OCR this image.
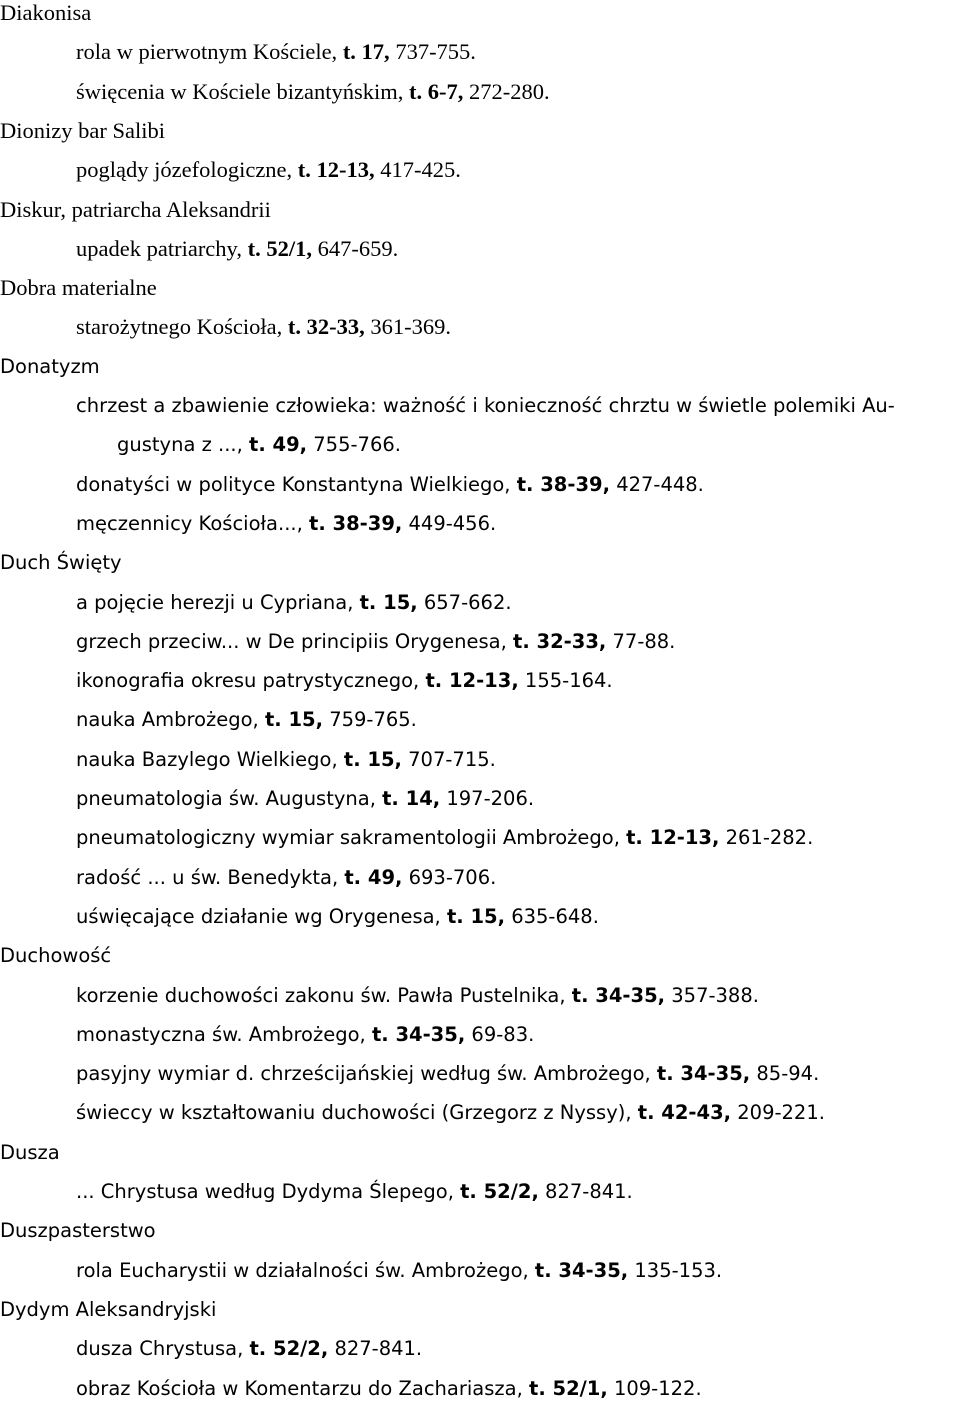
Diakonisa
rola w pierwotnym Kościele, t. 17, 737-755.
święcenia w Kościele bizantyńskim, t. 6-7, 272-280.
Dionizy bar Salibi
poglądy józefologiczne, t. 12-13, 417-425.
Diskur, patriarcha Aleksandrii
upadek patriarchy, t. 52/1, 647-659.
Dobra materialne
starożytnego Kościoła, t. 32-33, 361-369.
Donatyzm
chrzest a zbawienie człowieka: ważność i konieczność chrztu w świetle polemiki Au-
gustyna z ..., t. 49, 755-766.
donatyści w polityce Konstantyna Wielkiego, t. 38-39, 427-448.
męczennicy Kościoła..., t. 38-39, 449-456.
Duch Święty
a pojęcie herezji u Cypriana, t. 15, 657-662.
grzech przeciw... w De principiis Orygenesa, t. 32-33, 77-88.
ikonografia okresu patrystycznego, t. 12-13, 155-164.
nauka Ambrożego, t. 15, 759-765.
nauka Bazylego Wielkiego, t. 15, 707-715.
pneumatologia św. Augustyna, t. 14, 197-206.
pneumatologiczny wymiar sakramentologii Ambrożego, t. 12-13, 261-282.
radość ... u św. Benedykta, t. 49, 693-706.
uświęcające działanie wg Orygenesa, t. 15, 635-648.
Duchowość
korzenie duchowości zakonu św. Pawła Pustelnika, t. 34-35, 357-388.
monastyczna św. Ambrożego, t. 34-35, 69-83.
pasyjny wymiar d. chrześcijańskiej według św. Ambrożego, t. 34-35, 85-94.
świeccy w kształtowaniu duchowości (Grzegorz z Nyssy), t. 42-43, 209-221.
Dusza
... Chrystusa według Dydyma Ślepego, t. 52/2, 827-841.
Duszpasterstwo
rola Eucharystii w działalności św. Ambrożego, t. 34-35, 135-153.
Dydym Aleksandryjski
dusza Chrystusa, t. 52/2, 827-841.
obraz Kościoła w Komentarzu do Zachariasza, t. 52/1, 109-122.
